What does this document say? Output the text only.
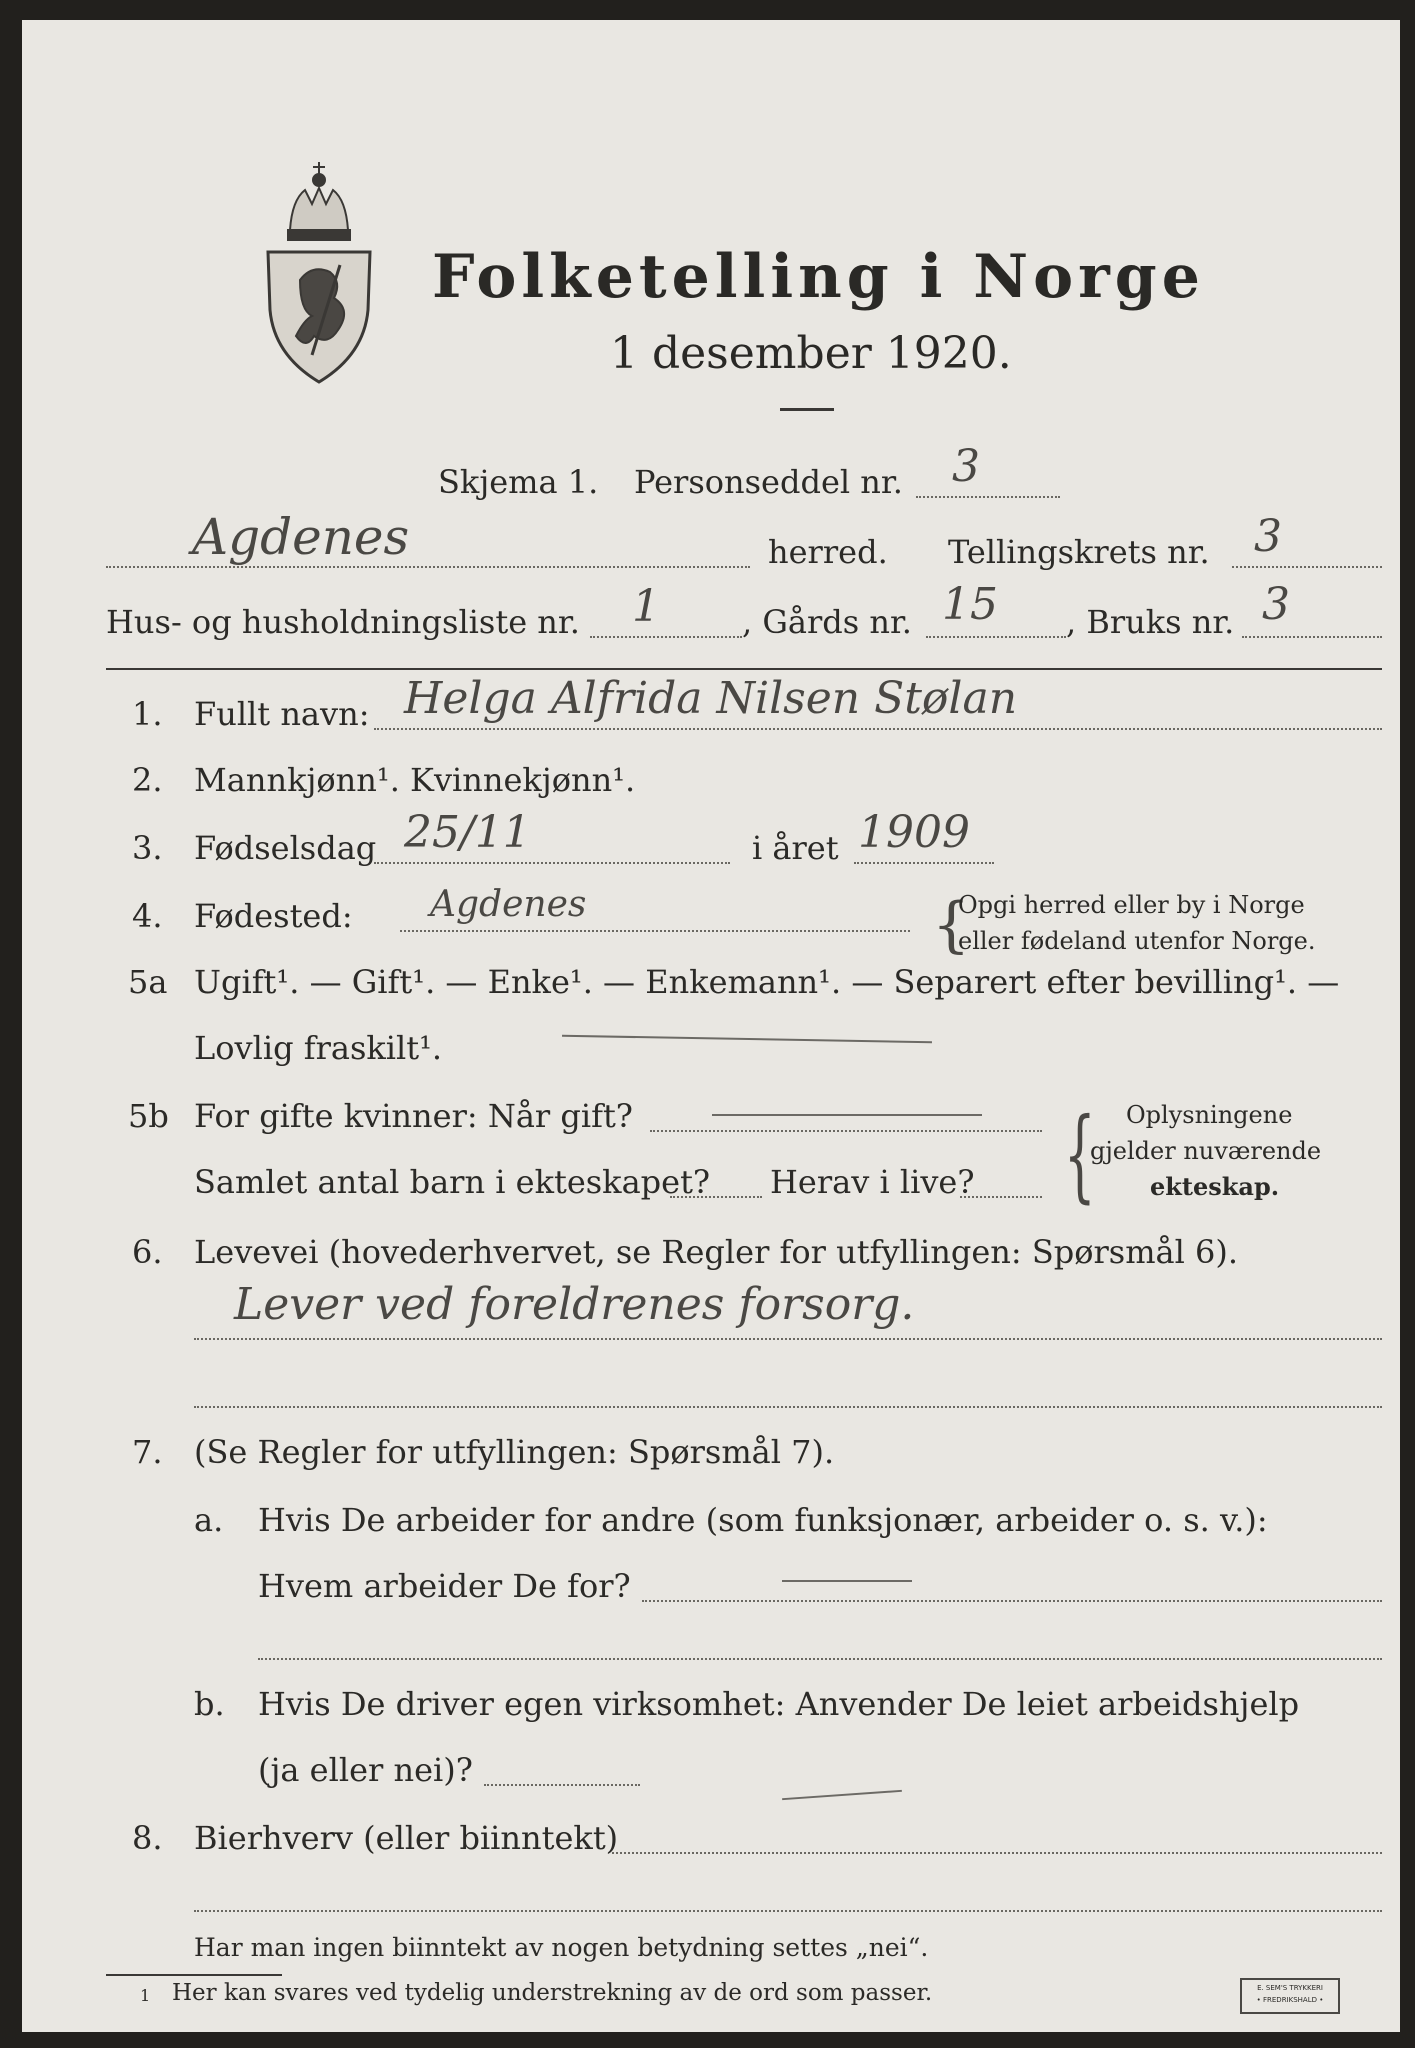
Folketelling i Norge
1 desember 1920.
Skjema 1. Personseddel nr. 3
Agdenes	herred. Tellingskrets nr. 3
Hus- og husholdningsliste nr. 1	, Gårds nr. 15 , Bruks nr. 3
1. Fullt navn: Helga Alfrida Nilsen Stølan
2. Mannkjønn¹. Kvinnekjønn¹.
3. Fødselsdag 25/11	i året 1909
4. Fødested: Agdenes	{
Opgi herred eller by i Norge
eller fødeland utenfor Norge.
5a Ugift¹. — Gift¹. — Enke¹. — Enkemann¹. — Separert efter bevilling¹. —
Lovlig fraskilt¹.
5b For gifte kvinner: Når gift?
Samlet antal barn i ekteskapet? Herav i live? { Oplysningene
gjelder nuværende
ekteskap.
6. Levevei (hovederhvervet, se Regler for utfyllingen: Spørsmål 6).
Lever ved foreldrenes forsorg.
7. (Se Regler for utfyllingen: Spørsmål 7).
a. Hvis De arbeider for andre (som funksjonær, arbeider o. s. v.):
Hvem arbeider De for?
b. Hvis De driver egen virksomhet: Anvender De leiet arbeidshjelp
(ja eller nei)?
8. Bierhverv (eller biinntekt)
Har man ingen biinntekt av nogen betydning settes „nei“.
1 Her kan svares ved tydelig understrekning av de ord som passer.	E. SEM'S TRYKKERI
• FREDRIKSHALD •
